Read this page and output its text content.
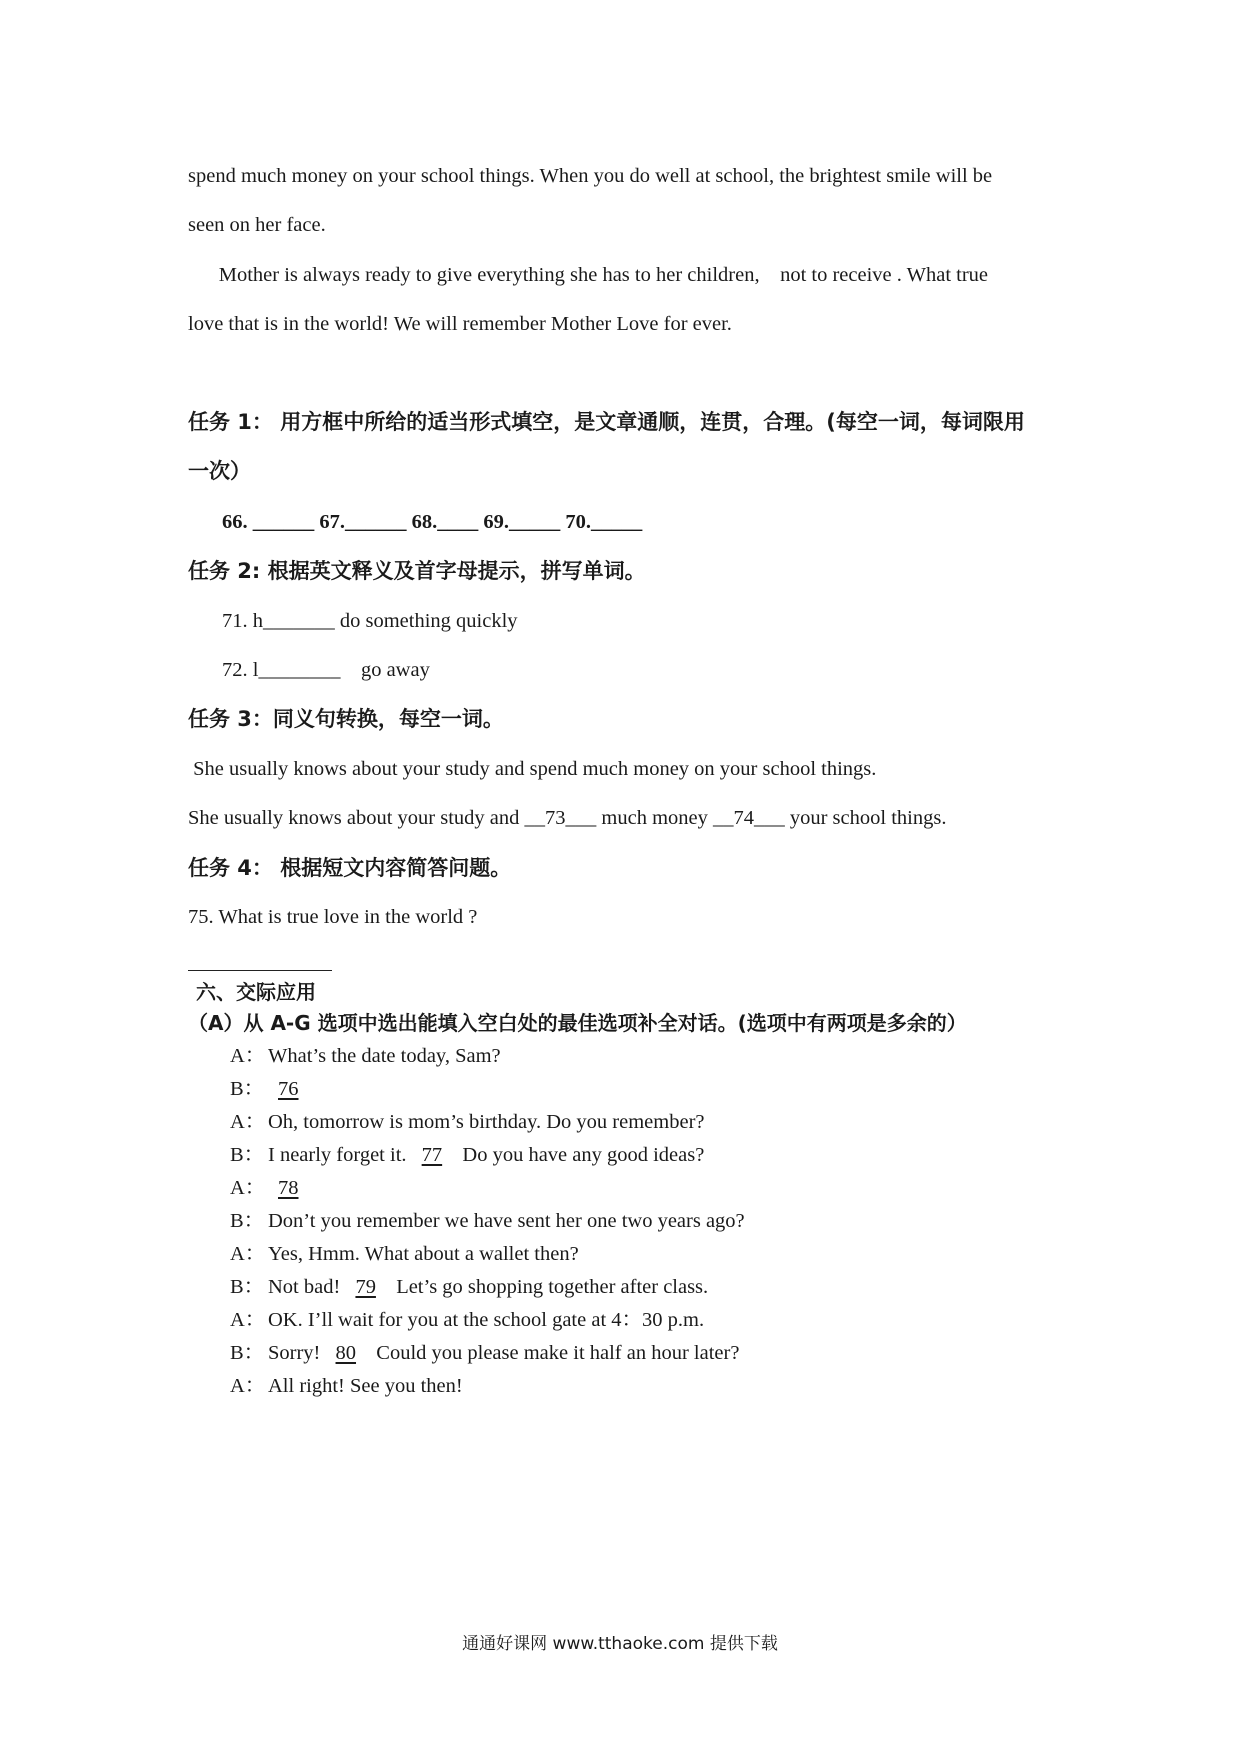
spend much money on your school things. When you do well at school, the brightest smile will be
seen on her face.
Mother is always ready to give everything she has to her children,    not to receive . What true
love that is in the world! We will remember Mother Love for ever.
任务 1： 用方框中所给的适当形式填空，是文章通顺，连贯，合理。(每空一词，每词限用
一次）
66. ______ 67.______ 68.____ 69._____ 70._____
任务 2: 根据英文释义及首字母提示，拼写单词。
71. h_______ do something quickly
72. l________    go away
任务 3：同义句转换，每空一词。
She usually knows about your study and spend much money on your school things.
She usually knows about your study and __73___ much money __74___ your school things.
任务 4： 根据短文内容简答问题。
75. What is true love in the world ?
六、交际应用
（A）从 A-G 选项中选出能填入空白处的最佳选项补全对话。(选项中有两项是多余的）
A： What’s the date today, Sam?
B： 76
A： Oh, tomorrow is mom’s birthday. Do you remember?
B： I nearly forget it. 77  Do you have any good ideas?
A： 78
B： Don’t you remember we have sent her one two years ago?
A： Yes, Hmm. What about a wallet then?
B： Not bad! 79  Let’s go shopping together after class.
A： OK. I’ll wait for you at the school gate at 4：30 p.m.
B： Sorry! 80  Could you please make it half an hour later?
A： All right! See you then!
通通好课网 www.tthaoke.com 提供下载
